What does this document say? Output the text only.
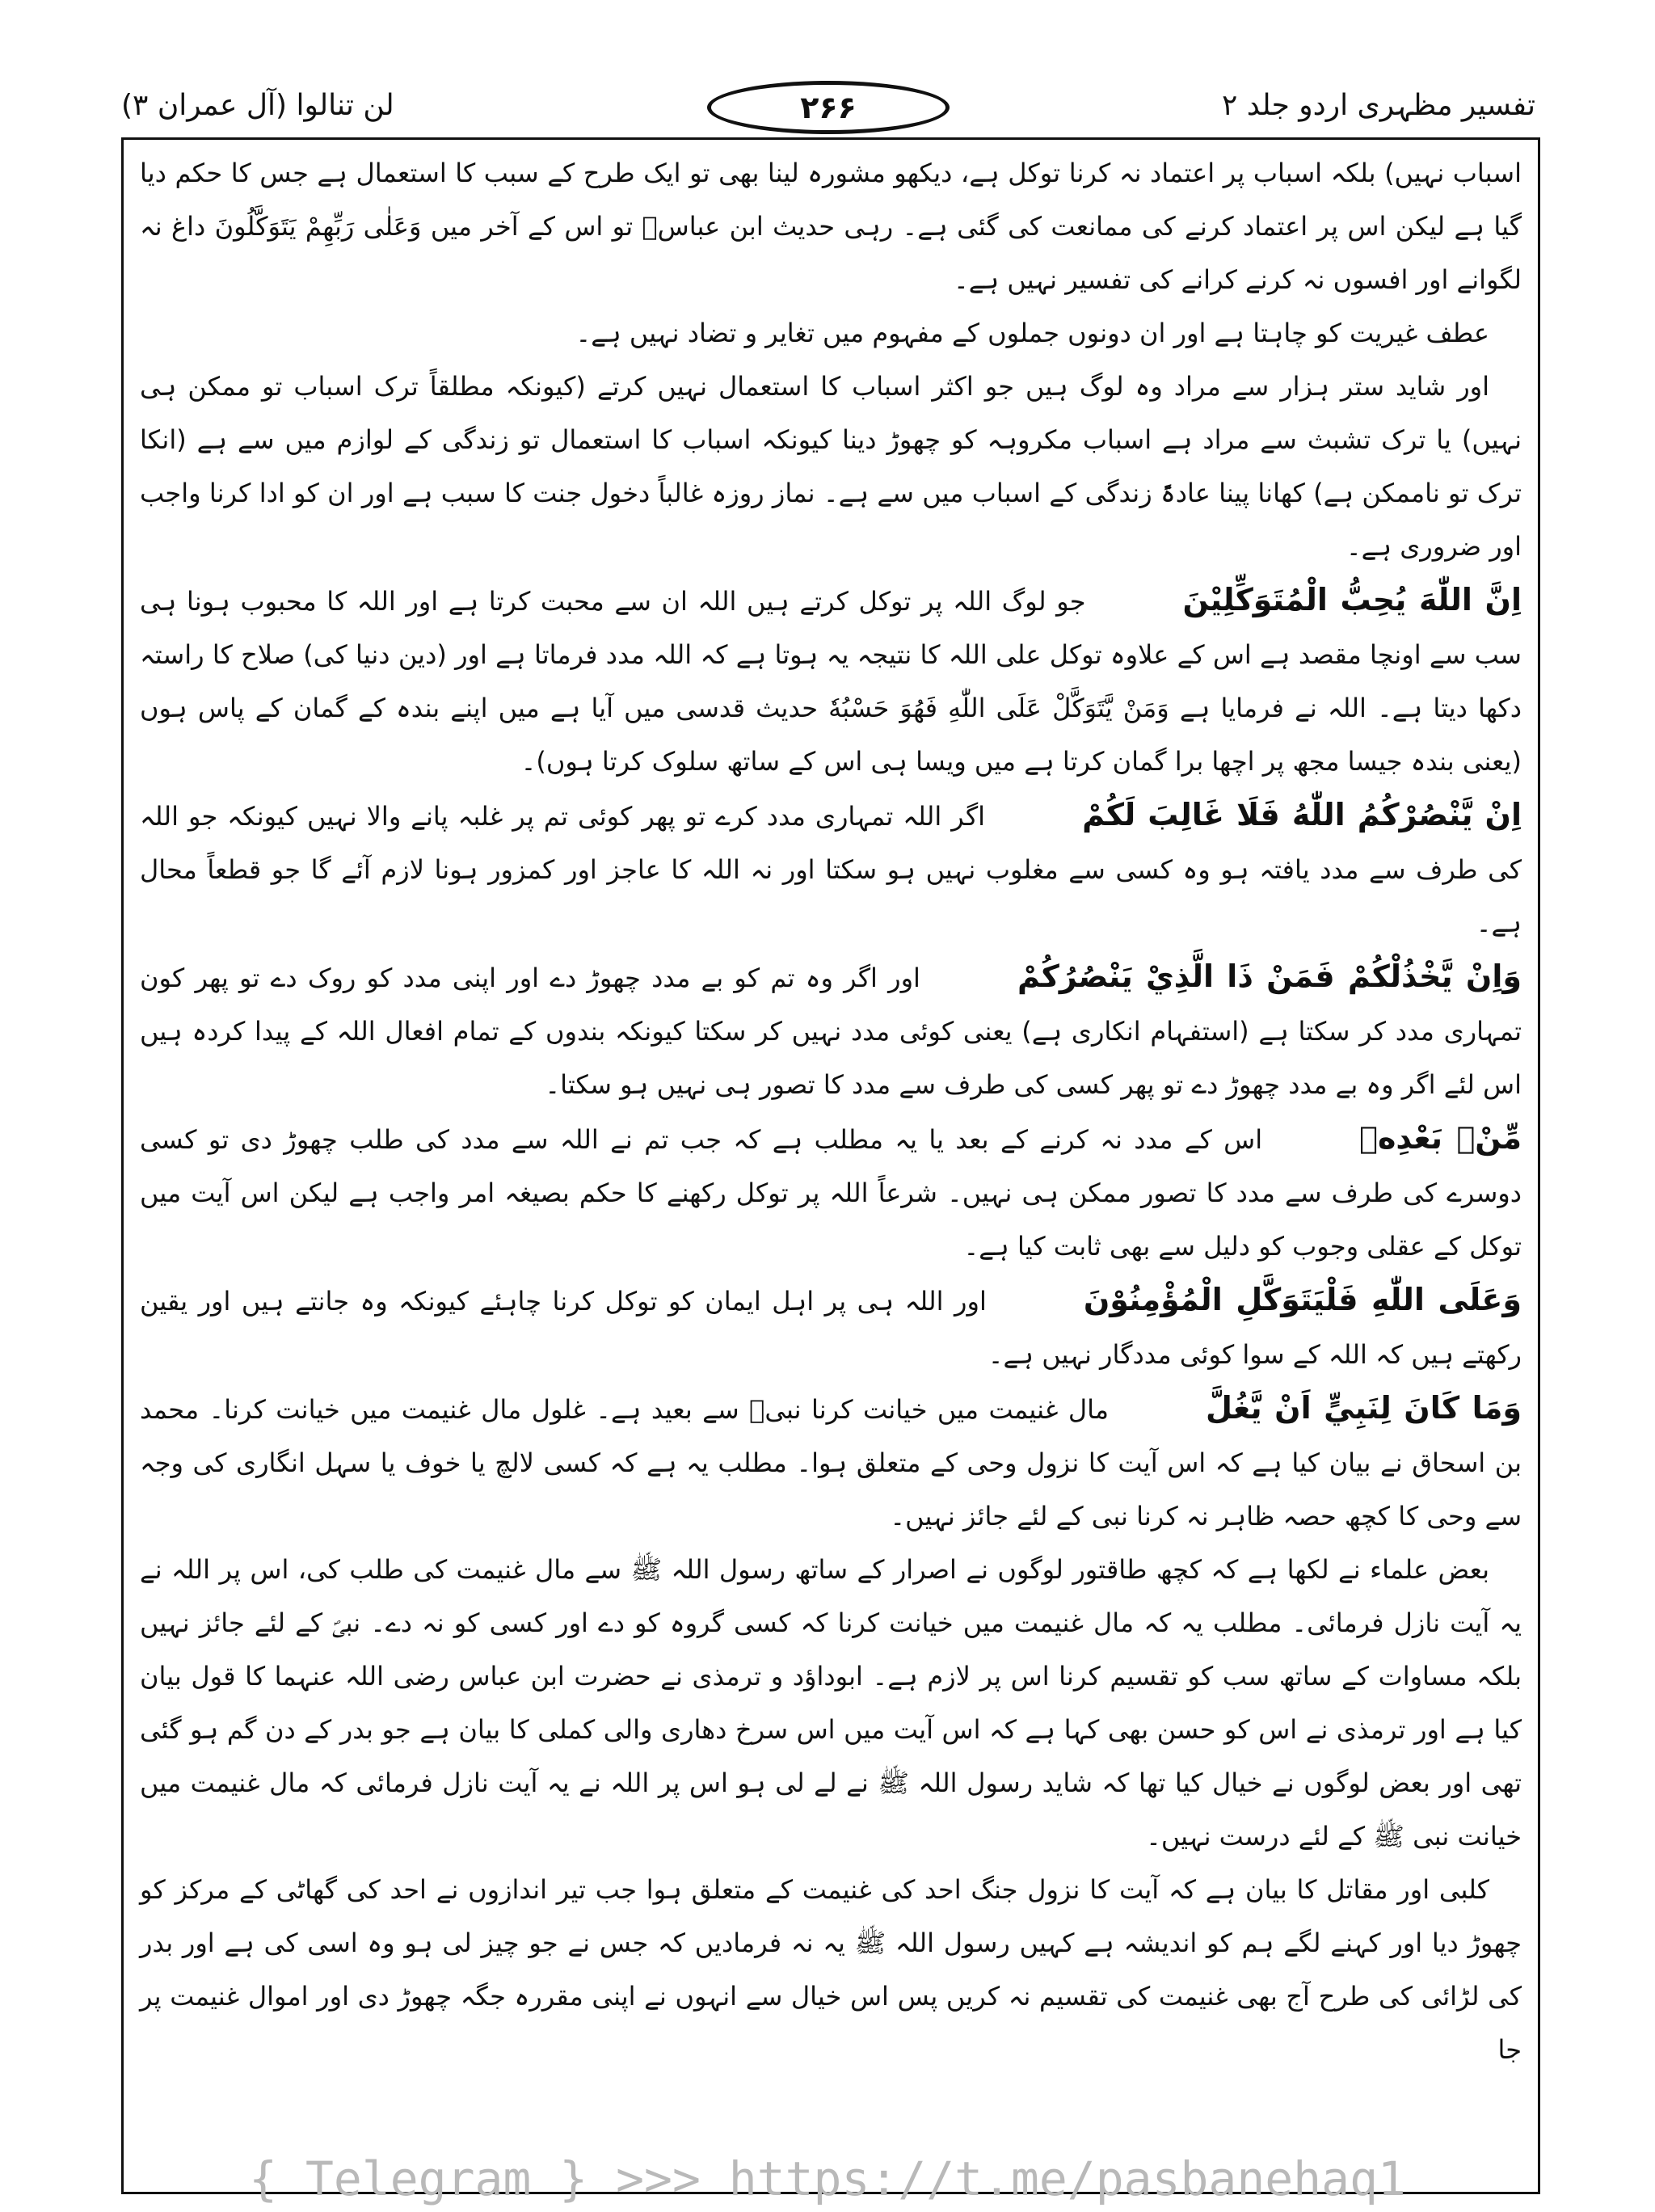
تفسیر مظہری اردو جلد ۲
۲۶۶
لن تنالوا (آل عمران ۳)

اسباب نہیں) بلکہ اسباب پر اعتماد نہ کرنا توکل ہے، دیکھو مشورہ لینا بھی تو ایک طرح کے سبب کا استعمال ہے جس کا حکم دیا گیا ہے لیکن اس پر اعتماد کرنے کی ممانعت کی گئی ہے۔ رہی حدیث ابن عباسؓ تو اس کے آخر میں وَعَلٰى رَبِّهِمْ يَتَوَكَّلُونَ داغ نہ لگوانے اور افسوں نہ کرنے کرانے کی تفسیر نہیں ہے۔

عطف غیریت کو چاہتا ہے اور ان دونوں جملوں کے مفہوم میں تغایر و تضاد نہیں ہے۔

اور شاید ستر ہزار سے مراد وہ لوگ ہیں جو اکثر اسباب کا استعمال نہیں کرتے (کیونکہ مطلقاً ترک اسباب تو ممکن ہی نہیں) یا ترک تشبث سے مراد ہے اسباب مکروہہ کو چھوڑ دینا کیونکہ اسباب کا استعمال تو زندگی کے لوازم میں سے ہے (انکا ترک تو ناممکن ہے) کھانا پینا عادۃً زندگی کے اسباب میں سے ہے۔ نماز روزہ غالباً دخول جنت کا سبب ہے اور ان کو ادا کرنا واجب اور ضروری ہے۔

اِنَّ اللّٰهَ يُحِبُّ الْمُتَوَكِّلِيْنَجو لوگ اللہ پر توکل کرتے ہیں اللہ ان سے محبت کرتا ہے اور اللہ کا محبوب ہونا ہی سب سے اونچا مقصد ہے اس کے علاوہ توکل علی اللہ کا نتیجہ یہ ہوتا ہے کہ اللہ مدد فرماتا ہے اور (دین دنیا کی) صلاح کا راستہ دکھا دیتا ہے۔ اللہ نے فرمایا ہے وَمَنْ يَّتَوَكَّلْ عَلَى اللّٰهِ فَهُوَ حَسْبُهٗ حدیث قدسی میں آیا ہے میں اپنے بندہ کے گمان کے پاس ہوں (یعنی بندہ جیسا مجھ پر اچھا برا گمان کرتا ہے میں ویسا ہی اس کے ساتھ سلوک کرتا ہوں)۔

اِنْ يَّنْصُرْكُمُ اللّٰهُ فَلَا غَالِبَ لَكُمْاگر اللہ تمہاری مدد کرے تو پھر کوئی تم پر غلبہ پانے والا نہیں کیونکہ جو اللہ کی طرف سے مدد یافتہ ہو وہ کسی سے مغلوب نہیں ہو سکتا اور نہ اللہ کا عاجز اور کمزور ہونا لازم آئے گا جو قطعاً محال ہے۔

وَاِنْ يَّخْذُلْكُمْ فَمَنْ ذَا الَّذِيْ يَنْصُرُكُمْاور اگر وہ تم کو بے مدد چھوڑ دے اور اپنی مدد کو روک دے تو پھر کون تمہاری مدد کر سکتا ہے (استفہام انکاری ہے) یعنی کوئی مدد نہیں کر سکتا کیونکہ بندوں کے تمام افعال اللہ کے پیدا کردہ ہیں اس لئے اگر وہ بے مدد چھوڑ دے تو پھر کسی کی طرف سے مدد کا تصور ہی نہیں ہو سکتا۔

مِّنْۢ بَعْدِهٖاس کے مدد نہ کرنے کے بعد یا یہ مطلب ہے کہ جب تم نے اللہ سے مدد کی طلب چھوڑ دی تو کسی دوسرے کی طرف سے مدد کا تصور ممکن ہی نہیں۔ شرعاً اللہ پر توکل رکھنے کا حکم بصیغہ امر واجب ہے لیکن اس آیت میں توکل کے عقلی وجوب کو دلیل سے بھی ثابت کیا ہے۔

وَعَلَى اللّٰهِ فَلْيَتَوَكَّلِ الْمُؤْمِنُوْنَاور اللہ ہی پر اہل ایمان کو توکل کرنا چاہئے کیونکہ وہ جانتے ہیں اور یقین رکھتے ہیں کہ اللہ کے سوا کوئی مددگار نہیں ہے۔

وَمَا كَانَ لِنَبِيٍّ اَنْ يَّغُلَّمال غنیمت میں خیانت کرنا نبیؐ سے بعید ہے۔ غلول مال غنیمت میں خیانت کرنا۔ محمد بن اسحاق نے بیان کیا ہے کہ اس آیت کا نزول وحی کے متعلق ہوا۔ مطلب یہ ہے کہ کسی لالچ یا خوف یا سہل انگاری کی وجہ سے وحی کا کچھ حصہ ظاہر نہ کرنا نبی کے لئے جائز نہیں۔

بعض علماء نے لکھا ہے کہ کچھ طاقتور لوگوں نے اصرار کے ساتھ رسول اللہ ﷺ سے مال غنیمت کی طلب کی، اس پر اللہ نے یہ آیت نازل فرمائی۔ مطلب یہ کہ مال غنیمت میں خیانت کرنا کہ کسی گروہ کو دے اور کسی کو نہ دے۔ نبیؐ کے لئے جائز نہیں بلکہ مساوات کے ساتھ سب کو تقسیم کرنا اس پر لازم ہے۔ ابوداؤد و ترمذی نے حضرت ابن عباس رضی اللہ عنہما کا قول بیان کیا ہے اور ترمذی نے اس کو حسن بھی کہا ہے کہ اس آیت میں اس سرخ دھاری والی کملی کا بیان ہے جو بدر کے دن گم ہو گئی تھی اور بعض لوگوں نے خیال کیا تھا کہ شاید رسول اللہ ﷺ نے لے لی ہو اس پر اللہ نے یہ آیت نازل فرمائی کہ مال غنیمت میں خیانت نبی ﷺ کے لئے درست نہیں۔

کلبی اور مقاتل کا بیان ہے کہ آیت کا نزول جنگ احد کی غنیمت کے متعلق ہوا جب تیر اندازوں نے احد کی گھاٹی کے مرکز کو چھوڑ دیا اور کہنے لگے ہم کو اندیشہ ہے کہیں رسول اللہ ﷺ یہ نہ فرمادیں کہ جس نے جو چیز لی ہو وہ اسی کی ہے اور بدر کی لڑائی کی طرح آج بھی غنیمت کی تقسیم نہ کریں پس اس خیال سے انہوں نے اپنی مقررہ جگہ چھوڑ دی اور اموال غنیمت پر جا

{ Telegram } >>> https://t.me/pasbanehaq1
